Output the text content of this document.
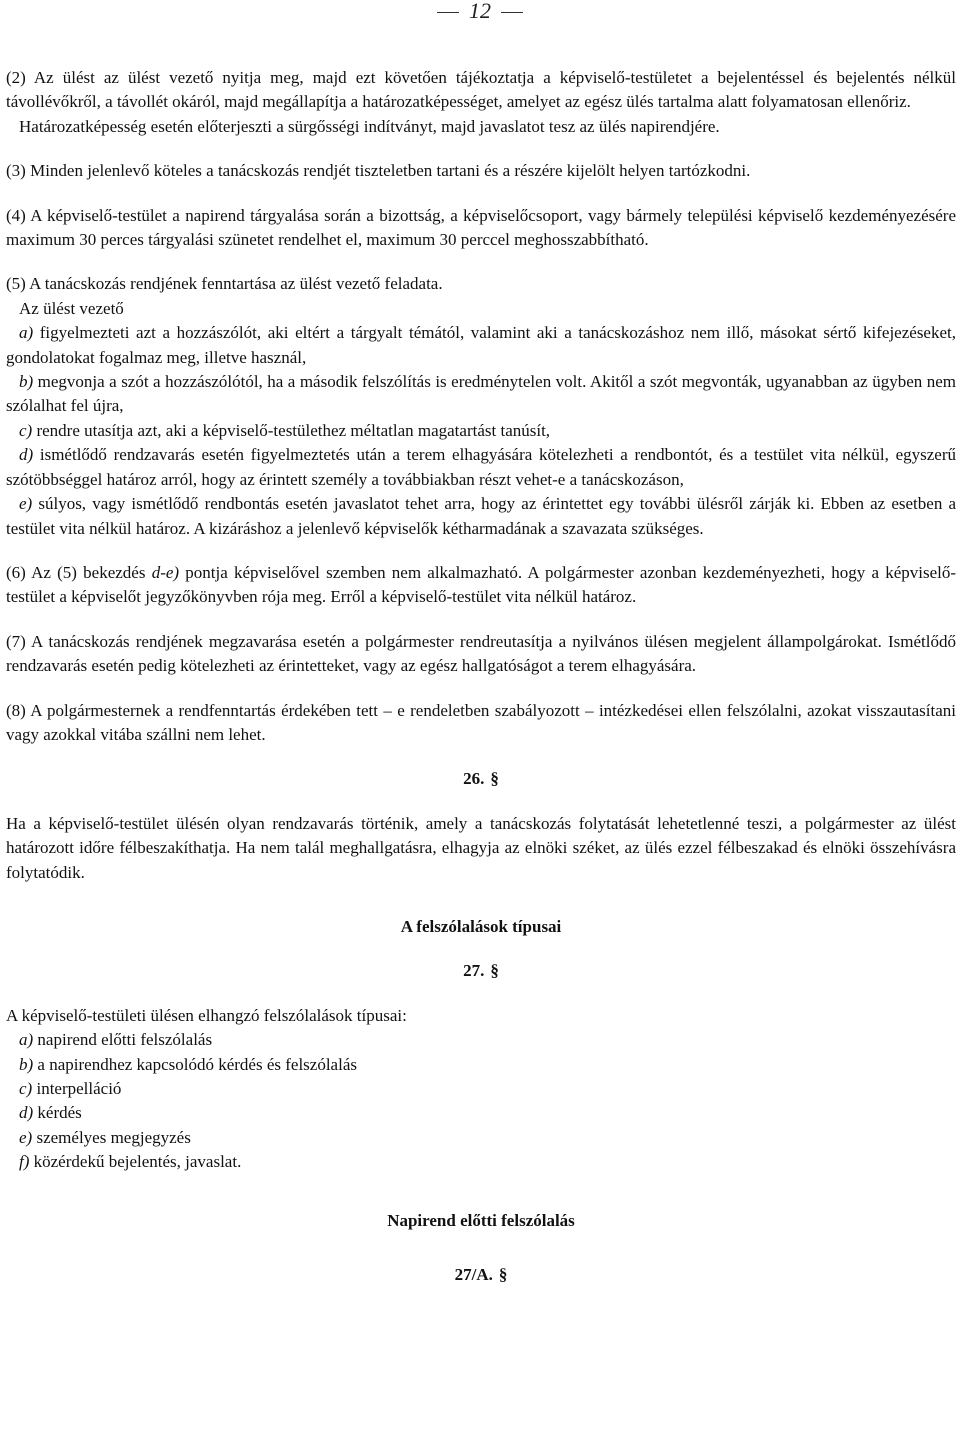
12

(2) Az ülést az ülést vezető nyitja meg, majd ezt követően tájékoztatja a képviselő-testületet a bejelentéssel és bejelentés nélkül távollévőkről, a távollét okáról, majd megállapítja a határozatképességet, amelyet az egész ülés tartalma alatt folyamatosan ellenőriz.

Határozatképesség esetén előterjeszti a sürgősségi indítványt, majd javaslatot tesz az ülés napirendjére.

(3) Minden jelenlevő köteles a tanácskozás rendjét tiszteletben tartani és a részére kijelölt helyen tartózkodni.

(4) A képviselő-testület a napirend tárgyalása során a bizottság, a képviselőcsoport, vagy bármely települési képviselő kezdeményezésére maximum 30 perces tárgyalási szünetet rendelhet el, maximum 30 perccel meghosszabbítható.

(5) A tanácskozás rendjének fenntartása az ülést vezető feladata.

Az ülést vezető

a) figyelmezteti azt a hozzászólót, aki eltért a tárgyalt témától, valamint aki a tanácskozáshoz nem illő, másokat sértő kifejezéseket, gondolatokat fogalmaz meg, illetve használ,

b) megvonja a szót a hozzászólótól, ha a második felszólítás is eredménytelen volt. Akitől a szót megvonták, ugyanabban az ügyben nem szólalhat fel újra,

c) rendre utasítja azt, aki a képviselő-testülethez méltatlan magatartást tanúsít,

d) ismétlődő rendzavarás esetén figyelmeztetés után a terem elhagyására kötelezheti a rendbontót, és a testület vita nélkül, egyszerű szótöbbséggel határoz arról, hogy az érintett személy a továbbiakban részt vehet-e a tanácskozáson,

e) súlyos, vagy ismétlődő rendbontás esetén javaslatot tehet arra, hogy az érintettet egy további ülésről zárják ki. Ebben az esetben a testület vita nélkül határoz. A kizáráshoz a jelenlevő képviselők kétharmadának a szavazata szükséges.

(6) Az (5) bekezdés d-e) pontja képviselővel szemben nem alkalmazható. A polgármester azonban kezdeményezheti, hogy a képviselő-testület a képviselőt jegyzőkönyvben rója meg. Erről a képviselő-testület vita nélkül határoz.

(7) A tanácskozás rendjének megzavarása esetén a polgármester rendreutasítja a nyilvános ülésen megjelent állampolgárokat. Ismétlődő rendzavarás esetén pedig kötelezheti az érintetteket, vagy az egész hallgatóságot a terem elhagyására.

(8) A polgármesternek a rendfenntartás érdekében tett – e rendeletben szabályozott – intézkedései ellen felszólalni, azokat visszautasítani vagy azokkal vitába szállni nem lehet.

26. §

Ha a képviselő-testület ülésén olyan rendzavarás történik, amely a tanácskozás folytatását lehetetlenné teszi, a polgármester az ülést határozott időre félbeszakíthatja. Ha nem talál meghallgatásra, elhagyja az elnöki széket, az ülés ezzel félbeszakad és elnöki összehívásra folytatódik.

A felszólalások típusai
27. §

A képviselő-testületi ülésen elhangzó felszólalások típusai:

a) napirend előtti felszólalás

b) a napirendhez kapcsolódó kérdés és felszólalás

c) interpelláció

d) kérdés

e) személyes megjegyzés

f) közérdekű bejelentés, javaslat.

Napirend előtti felszólalás
27/A. §
